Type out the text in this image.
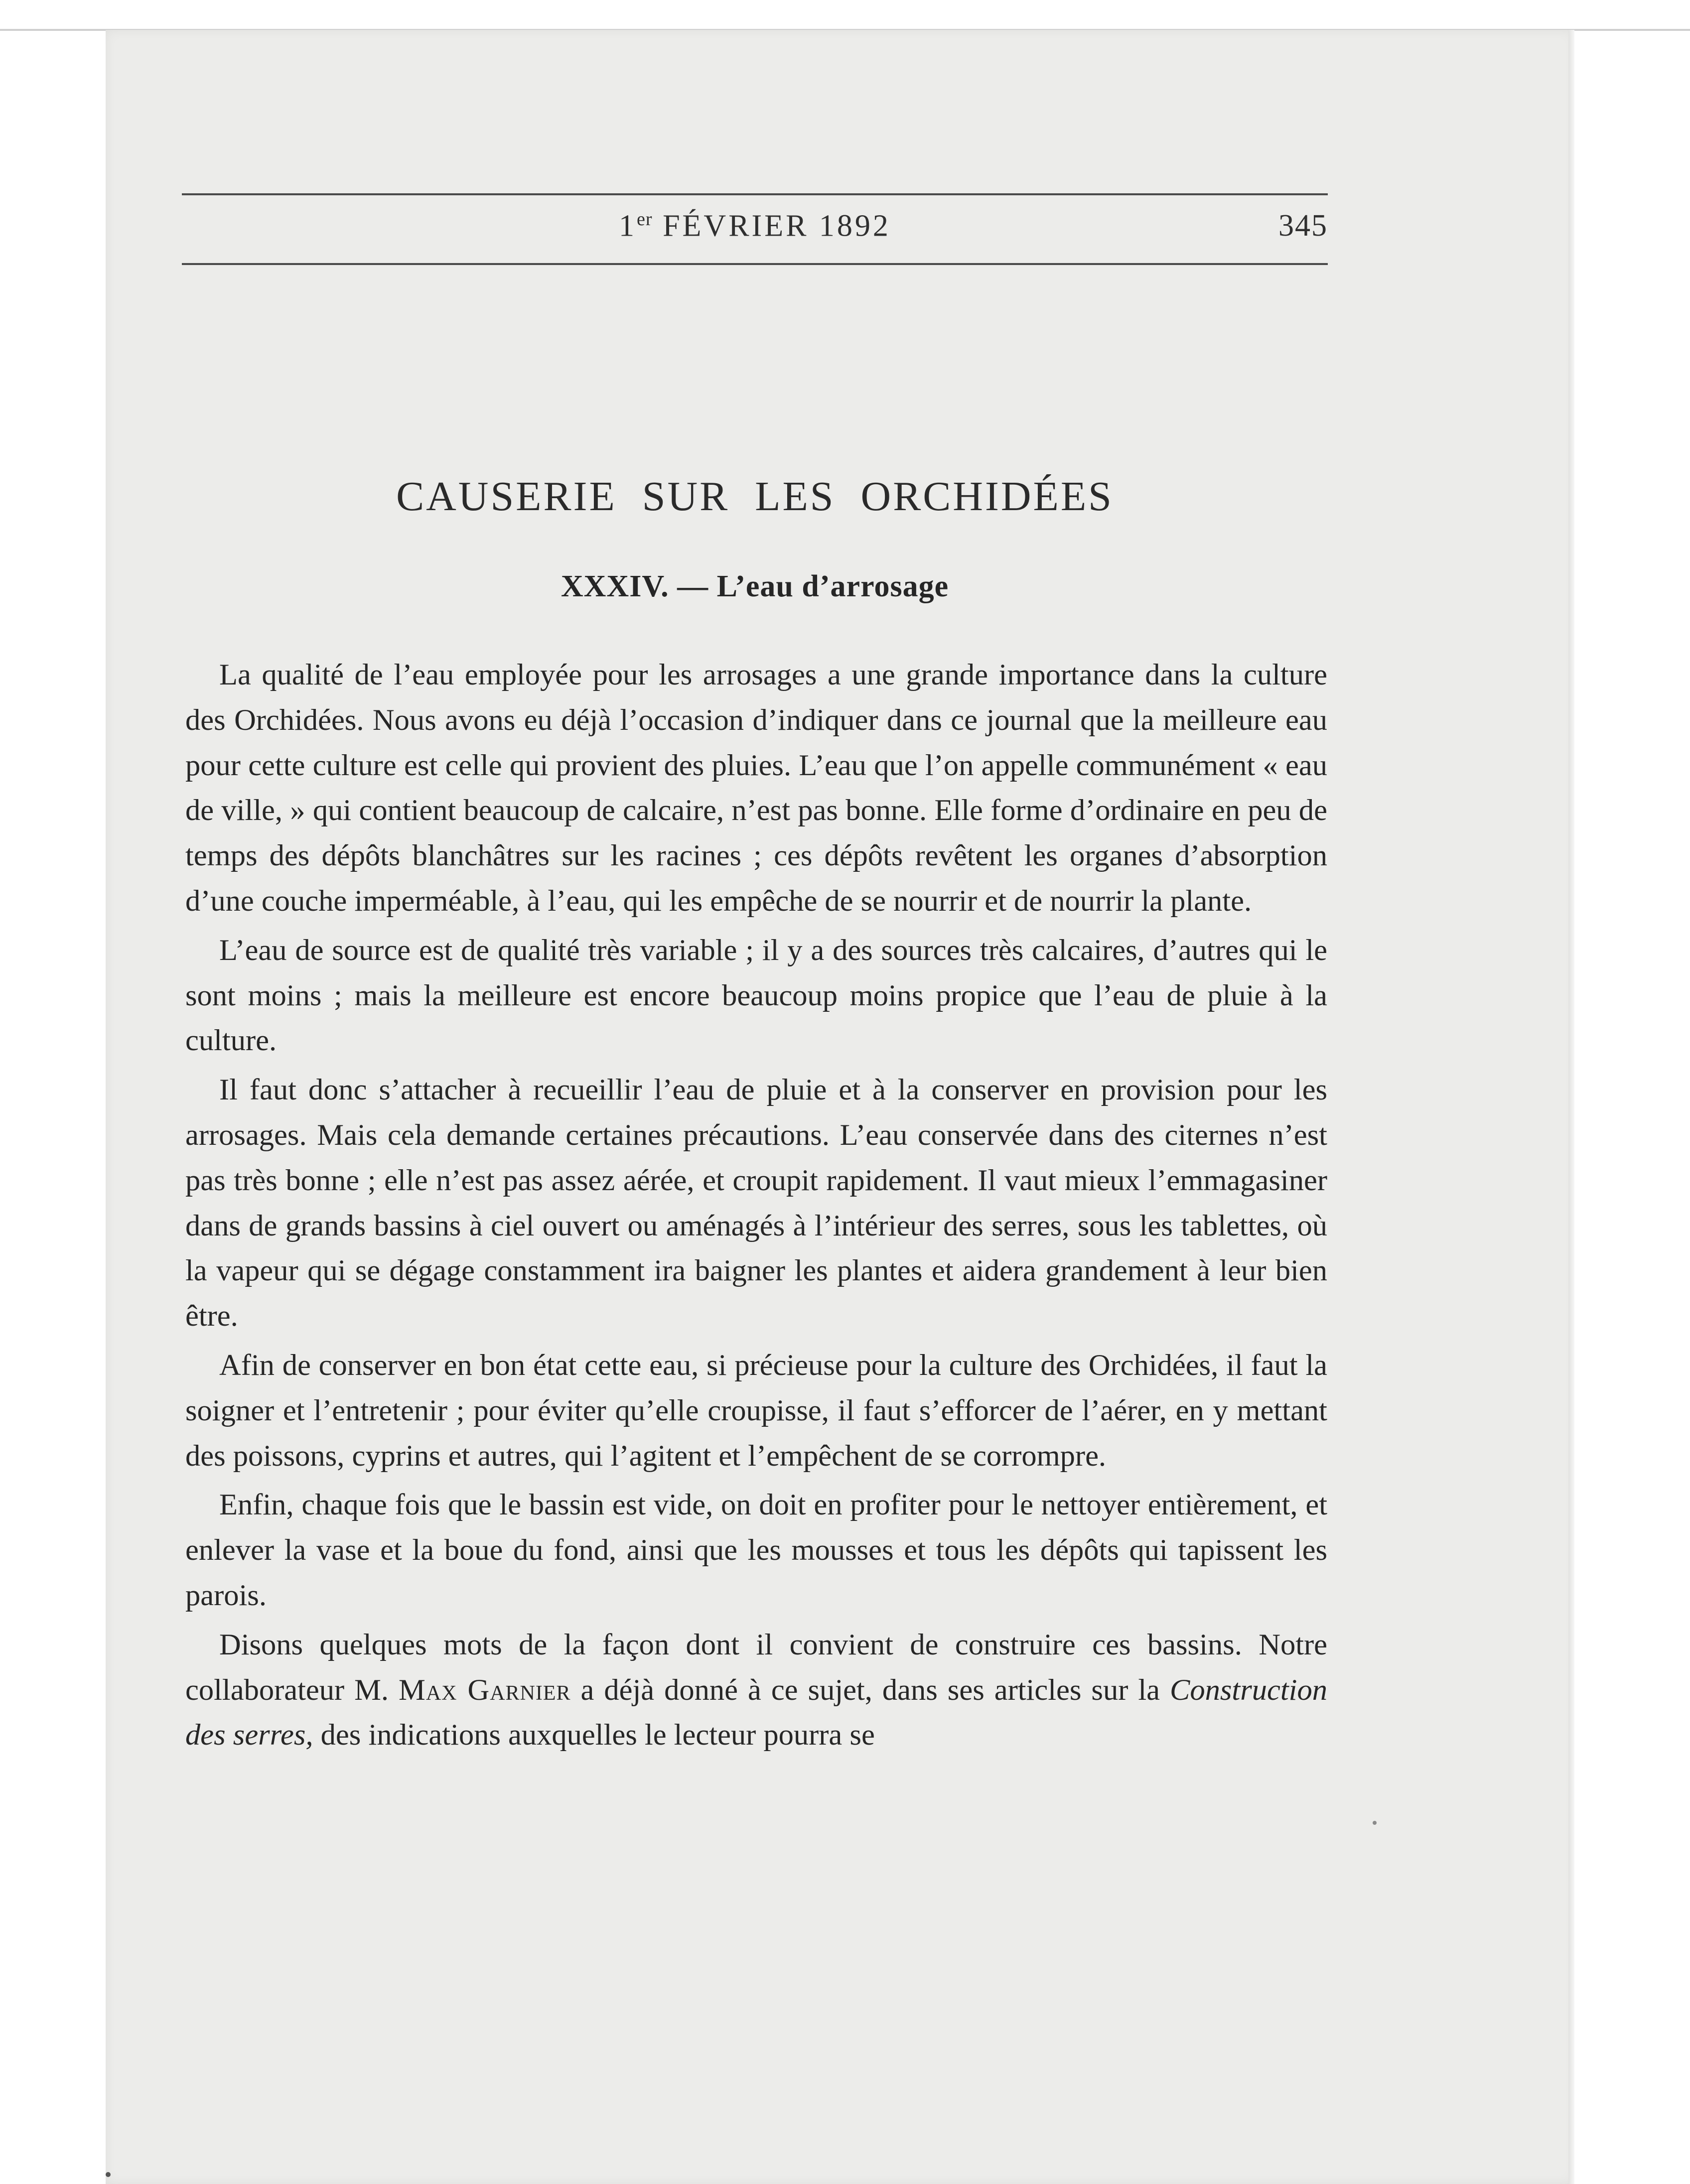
1er FÉVRIER 1892	345
CAUSERIE SUR LES ORCHIDÉES
XXXIV. — L’eau d’arrosage

La qualité de l’eau employée pour les arrosages a une grande importance dans la culture des Orchidées. Nous avons eu déjà l’occasion d’indiquer dans ce journal que la meilleure eau pour cette culture est celle qui provient des pluies. L’eau que l’on appelle communément « eau de ville, » qui contient beaucoup de calcaire, n’est pas bonne. Elle forme d’ordinaire en peu de temps des dépôts blanchâtres sur les racines ; ces dépôts revêtent les organes d’absorption d’une couche imperméable, à l’eau, qui les empêche de se nourrir et de nourrir la plante.

L’eau de source est de qualité très variable ; il y a des sources très calcaires, d’autres qui le sont moins ; mais la meilleure est encore beaucoup moins propice que l’eau de pluie à la culture.

Il faut donc s’attacher à recueillir l’eau de pluie et à la conserver en provision pour les arrosages. Mais cela demande certaines précautions. L’eau conservée dans des citernes n’est pas très bonne ; elle n’est pas assez aérée, et croupit rapidement. Il vaut mieux l’emmagasiner dans de grands bassins à ciel ouvert ou aménagés à l’intérieur des serres, sous les tablettes, où la vapeur qui se dégage constamment ira baigner les plantes et aidera grandement à leur bien être.

Afin de conserver en bon état cette eau, si précieuse pour la culture des Orchidées, il faut la soigner et l’entretenir ; pour éviter qu’elle croupisse, il faut s’efforcer de l’aérer, en y mettant des poissons, cyprins et autres, qui l’agitent et l’empêchent de se corrompre.

Enfin, chaque fois que le bassin est vide, on doit en profiter pour le nettoyer entièrement, et enlever la vase et la boue du fond, ainsi que les mousses et tous les dépôts qui tapissent les parois.

Disons quelques mots de la façon dont il convient de construire ces bassins. Notre collaborateur M. Max Garnier a déjà donné à ce sujet, dans ses articles sur la Construction des serres, des indications auxquelles le lecteur pourra se
